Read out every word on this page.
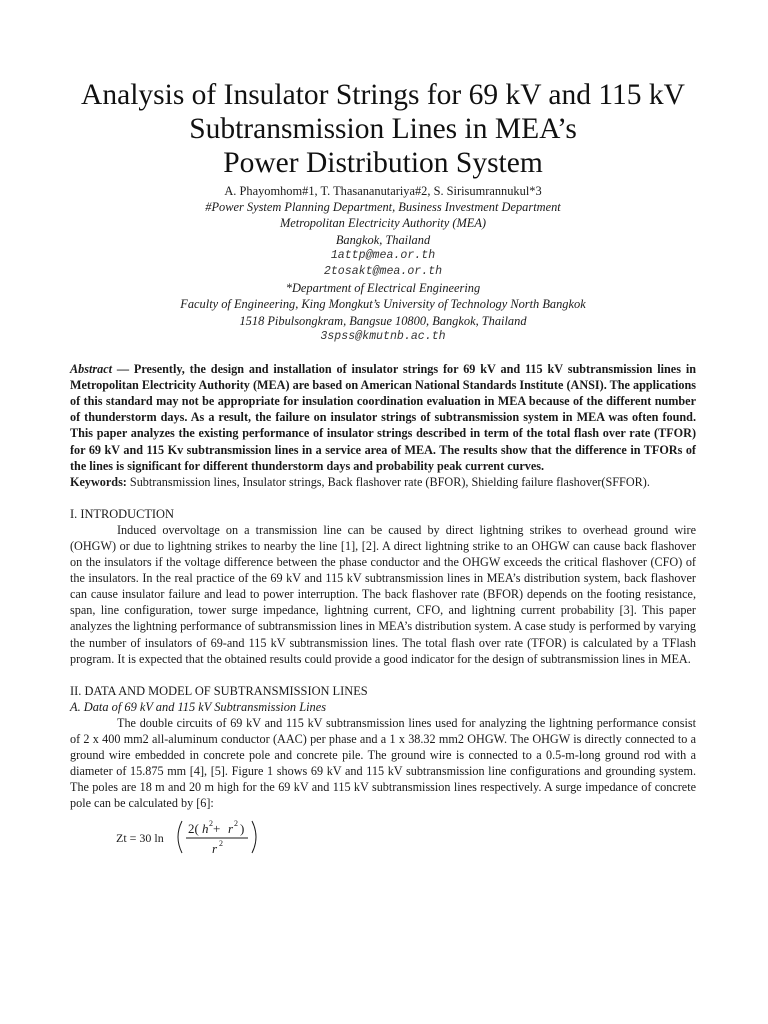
Analysis of Insulator Strings for 69 kV and 115 kV
Subtransmission Lines in MEA’s
Power Distribution System
A. Phayomhom#1, T. Thasananutariya#2, S. Sirisumrannukul*3
#Power System Planning Department, Business Investment Department
Metropolitan Electricity Authority (MEA)
Bangkok, Thailand
1attp@mea.or.th
2tosakt@mea.or.th
*Department of Electrical Engineering
Faculty of Engineering, King Mongkut’s University of Technology North Bangkok
1518 Pibulsongkram, Bangsue 10800, Bangkok, Thailand
3spss@kmutnb.ac.th

Abstract — Presently, the design and installation of insulator strings for 69 kV and 115 kV subtransmission lines in Metropolitan Electricity Authority (MEA) are based on American National Standards Institute (ANSI). The applications of this standard may not be appropriate for insulation coordination evaluation in MEA because of the different number of thunderstorm days. As a result, the failure on insulator strings of subtransmission system in MEA was often found. This paper analyzes the existing performance of insulator strings described in term of the total flash over rate (TFOR) for 69 kV and 115 Kv subtransmission lines in a service area of MEA. The results show that the difference in TFORs of the lines is significant for different thunderstorm days and probability peak current curves.

Keywords: Subtransmission lines, Insulator strings, Back flashover rate (BFOR), Shielding failure flashover(SFFOR).

I. INTRODUCTION

Induced overvoltage on a transmission line can be caused by direct lightning strikes to overhead ground wire (OHGW) or due to lightning strikes to nearby the line [1], [2]. A direct lightning strike to an OHGW can cause back flashover on the insulators if the voltage difference between the phase conductor and the OHGW exceeds the critical flashover (CFO) of the insulators. In the real practice of the 69 kV and 115 kV subtransmission lines in MEA’s distribution system, back flashover can cause insulator failure and lead to power interruption. The back flashover rate (BFOR) depends on the footing resistance, span, line configuration, tower surge impedance, lightning current, CFO, and lightning current probability [3]. This paper analyzes the lightning performance of subtransmission lines in MEA’s distribution system. A case study is performed by varying the number of insulators of 69-and 115 kV subtransmission lines. The total flash over rate (TFOR) is calculated by a TFlash program. It is expected that the obtained results could provide a good indicator for the design of subtransmission lines in MEA.

II. DATA AND MODEL OF SUBTRANSMISSION LINES
A. Data of 69 kV and 115 kV Subtransmission Lines

The double circuits of 69 kV and 115 kV subtransmission lines used for analyzing the lightning performance consist of 2 x 400 mm2 all-aluminum conductor (AAC) per phase and a 1 x 38.32 mm2 OHGW. The OHGW is directly connected to a ground wire embedded in concrete pole and concrete pile. The ground wire is connected to a 0.5-m-long ground rod with a diameter of 15.875 mm [4], [5]. Figure 1 shows 69 kV and 115 kV subtransmission line configurations and grounding system. The poles are 18 m and 20 m high for the 69 kV and 115 kV subtransmission lines respectively. A surge impedance of concrete pole can be calculated by [6]:

Zt = 30 ln
2( h 2 + r 2 )
r 2
